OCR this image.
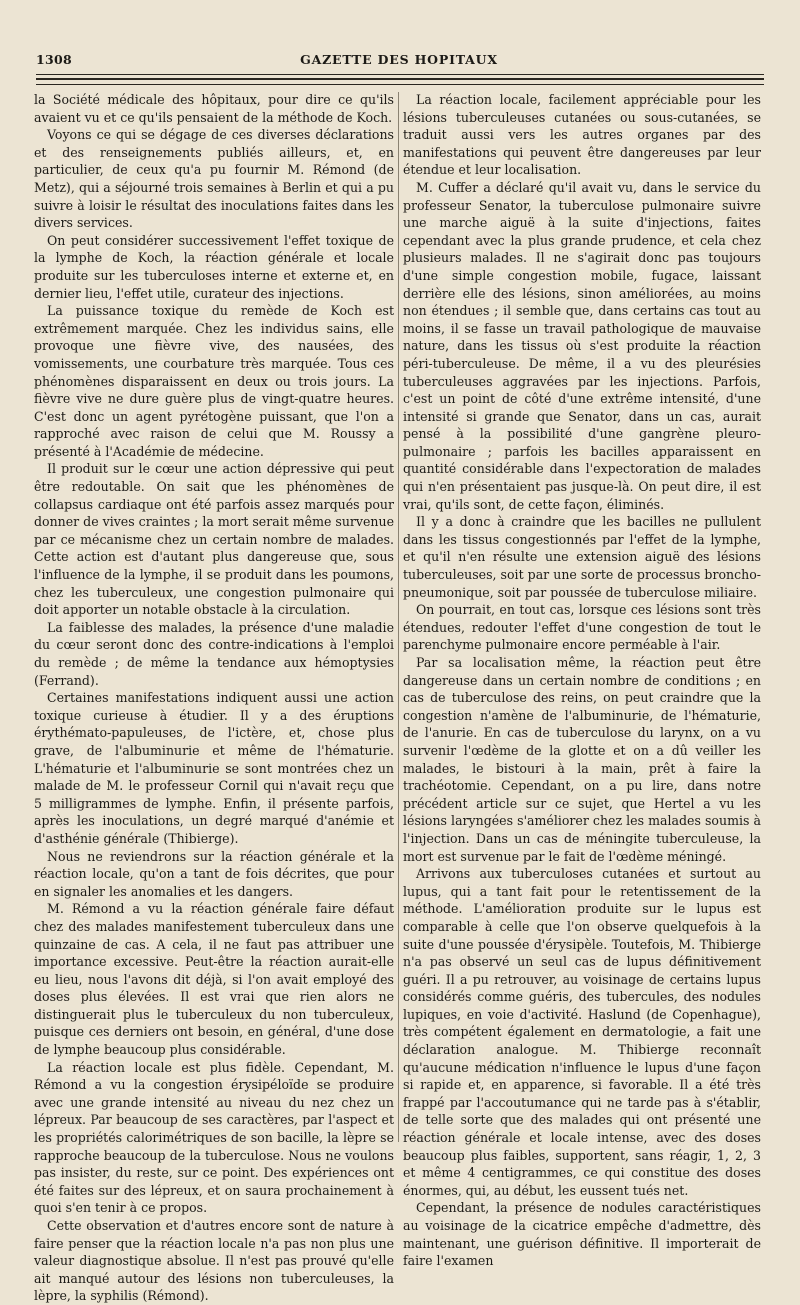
1308	GAZETTE DES HOPITAUX

la Société médicale des hôpitaux, pour dire ce qu'ils avaient vu et ce qu'ils pensaient de la méthode de Koch.

Voyons ce qui se dégage de ces diverses déclarations et des renseignements publiés ailleurs, et, en particulier, de ceux qu'a pu fournir M. Rémond (de Metz), qui a séjourné trois semaines à Berlin et qui a pu suivre à loisir le résultat des inoculations faites dans les divers services.

On peut considérer successivement l'effet toxique de la lymphe de Koch, la réaction générale et locale produite sur les tuberculoses interne et externe et, en dernier lieu, l'effet utile, curateur des injections.

La puissance toxique du remède de Koch est extrêmement marquée. Chez les individus sains, elle provoque une fièvre vive, des nausées, des vomissements, une courbature très marquée. Tous ces phénomènes disparaissent en deux ou trois jours. La fièvre vive ne dure guère plus de vingt-quatre heures. C'est donc un agent pyrétogène puissant, que l'on a rapproché avec raison de celui que M. Roussy a présenté à l'Académie de médecine.

Il produit sur le cœur une action dépressive qui peut être redoutable. On sait que les phénomènes de collapsus cardiaque ont été parfois assez marqués pour donner de vives craintes ; la mort serait même survenue par ce mécanisme chez un certain nombre de malades. Cette action est d'autant plus dangereuse que, sous l'influence de la lymphe, il se produit dans les poumons, chez les tuberculeux, une congestion pulmonaire qui doit apporter un notable obstacle à la circulation.

La faiblesse des malades, la présence d'une maladie du cœur seront donc des contre-indications à l'emploi du remède ; de même la tendance aux hémoptysies (Ferrand).

Certaines manifestations indiquent aussi une action toxique curieuse à étudier. Il y a des éruptions érythémato-papuleuses, de l'ictère, et, chose plus grave, de l'albuminurie et même de l'hématurie. L'hématurie et l'albuminurie se sont montrées chez un malade de M. le professeur Cornil qui n'avait reçu que 5 milligrammes de lymphe. Enfin, il présente parfois, après les inoculations, un degré marqué d'anémie et d'asthénie générale (Thibierge).

Nous ne reviendrons sur la réaction générale et la réaction locale, qu'on a tant de fois décrites, que pour en signaler les anomalies et les dangers.

M. Rémond a vu la réaction générale faire défaut chez des malades manifestement tuberculeux dans une quinzaine de cas. A cela, il ne faut pas attribuer une importance excessive. Peut-être la réaction aurait-elle eu lieu, nous l'avons dit déjà, si l'on avait employé des doses plus élevées. Il est vrai que rien alors ne distinguerait plus le tuberculeux du non tuberculeux, puisque ces derniers ont besoin, en général, d'une dose de lymphe beaucoup plus considérable.

La réaction locale est plus fidèle. Cependant, M. Rémond a vu la congestion érysipéloïde se produire avec une grande intensité au niveau du nez chez un lépreux. Par beaucoup de ses caractères, par l'aspect et les propriétés calorimétriques de son bacille, la lèpre se rapproche beaucoup de la tuberculose. Nous ne voulons pas insister, du reste, sur ce point. Des expériences ont été faites sur des lépreux, et on saura prochainement à quoi s'en tenir à ce propos.

Cette observation et d'autres encore sont de nature à faire penser que la réaction locale n'a pas non plus une valeur diagnostique absolue. Il n'est pas prouvé qu'elle ait manqué autour des lésions non tuberculeuses, la lèpre, la syphilis (Rémond).

La réaction locale, facilement appréciable pour les lésions tuberculeuses cutanées ou sous-cutanées, se traduit aussi vers les autres organes par des manifestations qui peuvent être dangereuses par leur étendue et leur localisation.

M. Cuffer a déclaré qu'il avait vu, dans le service du professeur Senator, la tuberculose pulmonaire suivre une marche aiguë à la suite d'injections, faites cependant avec la plus grande prudence, et cela chez plusieurs malades. Il ne s'agirait donc pas toujours d'une simple congestion mobile, fugace, laissant derrière elle des lésions, sinon améliorées, au moins non étendues ; il semble que, dans certains cas tout au moins, il se fasse un travail pathologique de mauvaise nature, dans les tissus où s'est produite la réaction péri-tuberculeuse. De même, il a vu des pleurésies tuberculeuses aggravées par les injections. Parfois, c'est un point de côté d'une extrême intensité, d'une intensité si grande que Senator, dans un cas, aurait pensé à la possibilité d'une gangrène pleuro-pulmonaire ; parfois les bacilles apparaissent en quantité considérable dans l'expectoration de malades qui n'en présentaient pas jusque-là. On peut dire, il est vrai, qu'ils sont, de cette façon, éliminés.

Il y a donc à craindre que les bacilles ne pullulent dans les tissus congestionnés par l'effet de la lymphe, et qu'il n'en résulte une extension aiguë des lésions tuberculeuses, soit par une sorte de processus broncho-pneumonique, soit par poussée de tuberculose miliaire.

On pourrait, en tout cas, lorsque ces lésions sont très étendues, redouter l'effet d'une congestion de tout le parenchyme pulmonaire encore perméable à l'air.

Par sa localisation même, la réaction peut être dangereuse dans un certain nombre de conditions ; en cas de tuberculose des reins, on peut craindre que la congestion n'amène de l'albuminurie, de l'hématurie, de l'anurie. En cas de tuberculose du larynx, on a vu survenir l'œdème de la glotte et on a dû veiller les malades, le bistouri à la main, prêt à faire la trachéotomie. Cependant, on a pu lire, dans notre précédent article sur ce sujet, que Hertel a vu les lésions laryngées s'améliorer chez les malades soumis à l'injection. Dans un cas de méningite tuberculeuse, la mort est survenue par le fait de l'œdème méningé.

Arrivons aux tuberculoses cutanées et surtout au lupus, qui a tant fait pour le retentissement de la méthode. L'amélioration produite sur le lupus est comparable à celle que l'on observe quelquefois à la suite d'une poussée d'érysipèle. Toutefois, M. Thibierge n'a pas observé un seul cas de lupus définitivement guéri. Il a pu retrouver, au voisinage de certains lupus considérés comme guéris, des tubercules, des nodules lupiques, en voie d'activité. Haslund (de Copenhague), très compétent également en dermatologie, a fait une déclaration analogue. M. Thibierge reconnaît qu'aucune médication n'influence le lupus d'une façon si rapide et, en apparence, si favorable. Il a été très frappé par l'accoutumance qui ne tarde pas à s'établir, de telle sorte que des malades qui ont présenté une réaction générale et locale intense, avec des doses beaucoup plus faibles, supportent, sans réagir, 1, 2, 3 et même 4 centigrammes, ce qui constitue des doses énormes, qui, au début, les eussent tués net.

Cependant, la présence de nodules caractéristiques au voisinage de la cicatrice empêche d'admettre, dès maintenant, une guérison définitive. Il importerait de faire l'examen
